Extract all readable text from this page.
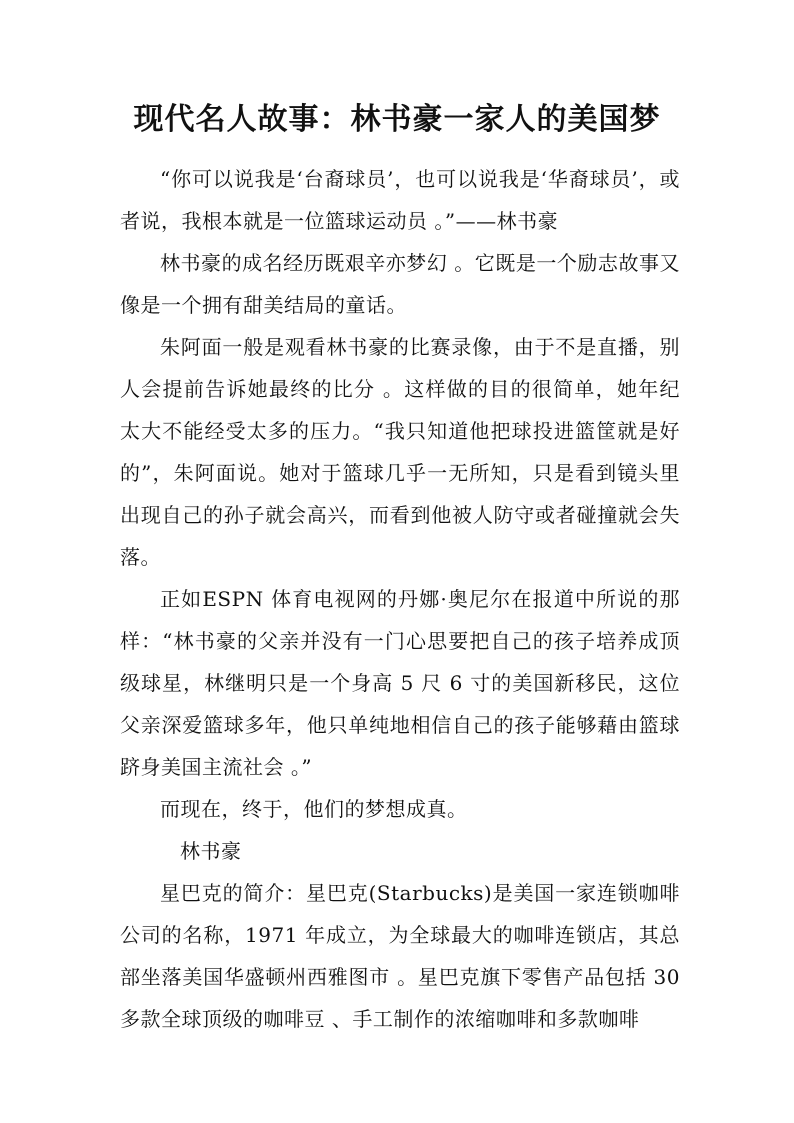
现代名人故事：林书豪一家人的美国梦

“你可以说我是‘台裔球员’，也可以说我是‘华裔球员’，或者说，我根本就是一位篮球运动员 。”——林书豪

林书豪的成名经历既艰辛亦梦幻 。它既是一个励志故事又像是一个拥有甜美结局的童话。

朱阿面一般是观看林书豪的比赛录像，由于不是直播，别人会提前告诉她最终的比分 。这样做的目的很简单，她年纪太大不能经受太多的压力。“我只知道他把球投进篮筐就是好的”，朱阿面说。她对于篮球几乎一无所知，只是看到镜头里出现自己的孙子就会高兴，而看到他被人防守或者碰撞就会失落。

正如ESPN 体育电视网的丹娜·奥尼尔在报道中所说的那样：“林书豪的父亲并没有一门心思要把自己的孩子培养成顶级球星，林继明只是一个身高 5 尺 6 寸的美国新移民，这位父亲深爱篮球多年，他只单纯地相信自己的孩子能够藉由篮球跻身美国主流社会 。”

而现在，终于，他们的梦想成真。

林书豪

星巴克的简介：星巴克(Starbucks)是美国一家连锁咖啡公司的名称，1971 年成立，为全球最大的咖啡连锁店，其总部坐落美国华盛顿州西雅图市 。星巴克旗下零售产品包括 30 多款全球顶级的咖啡豆 、手工制作的浓缩咖啡和多款咖啡
